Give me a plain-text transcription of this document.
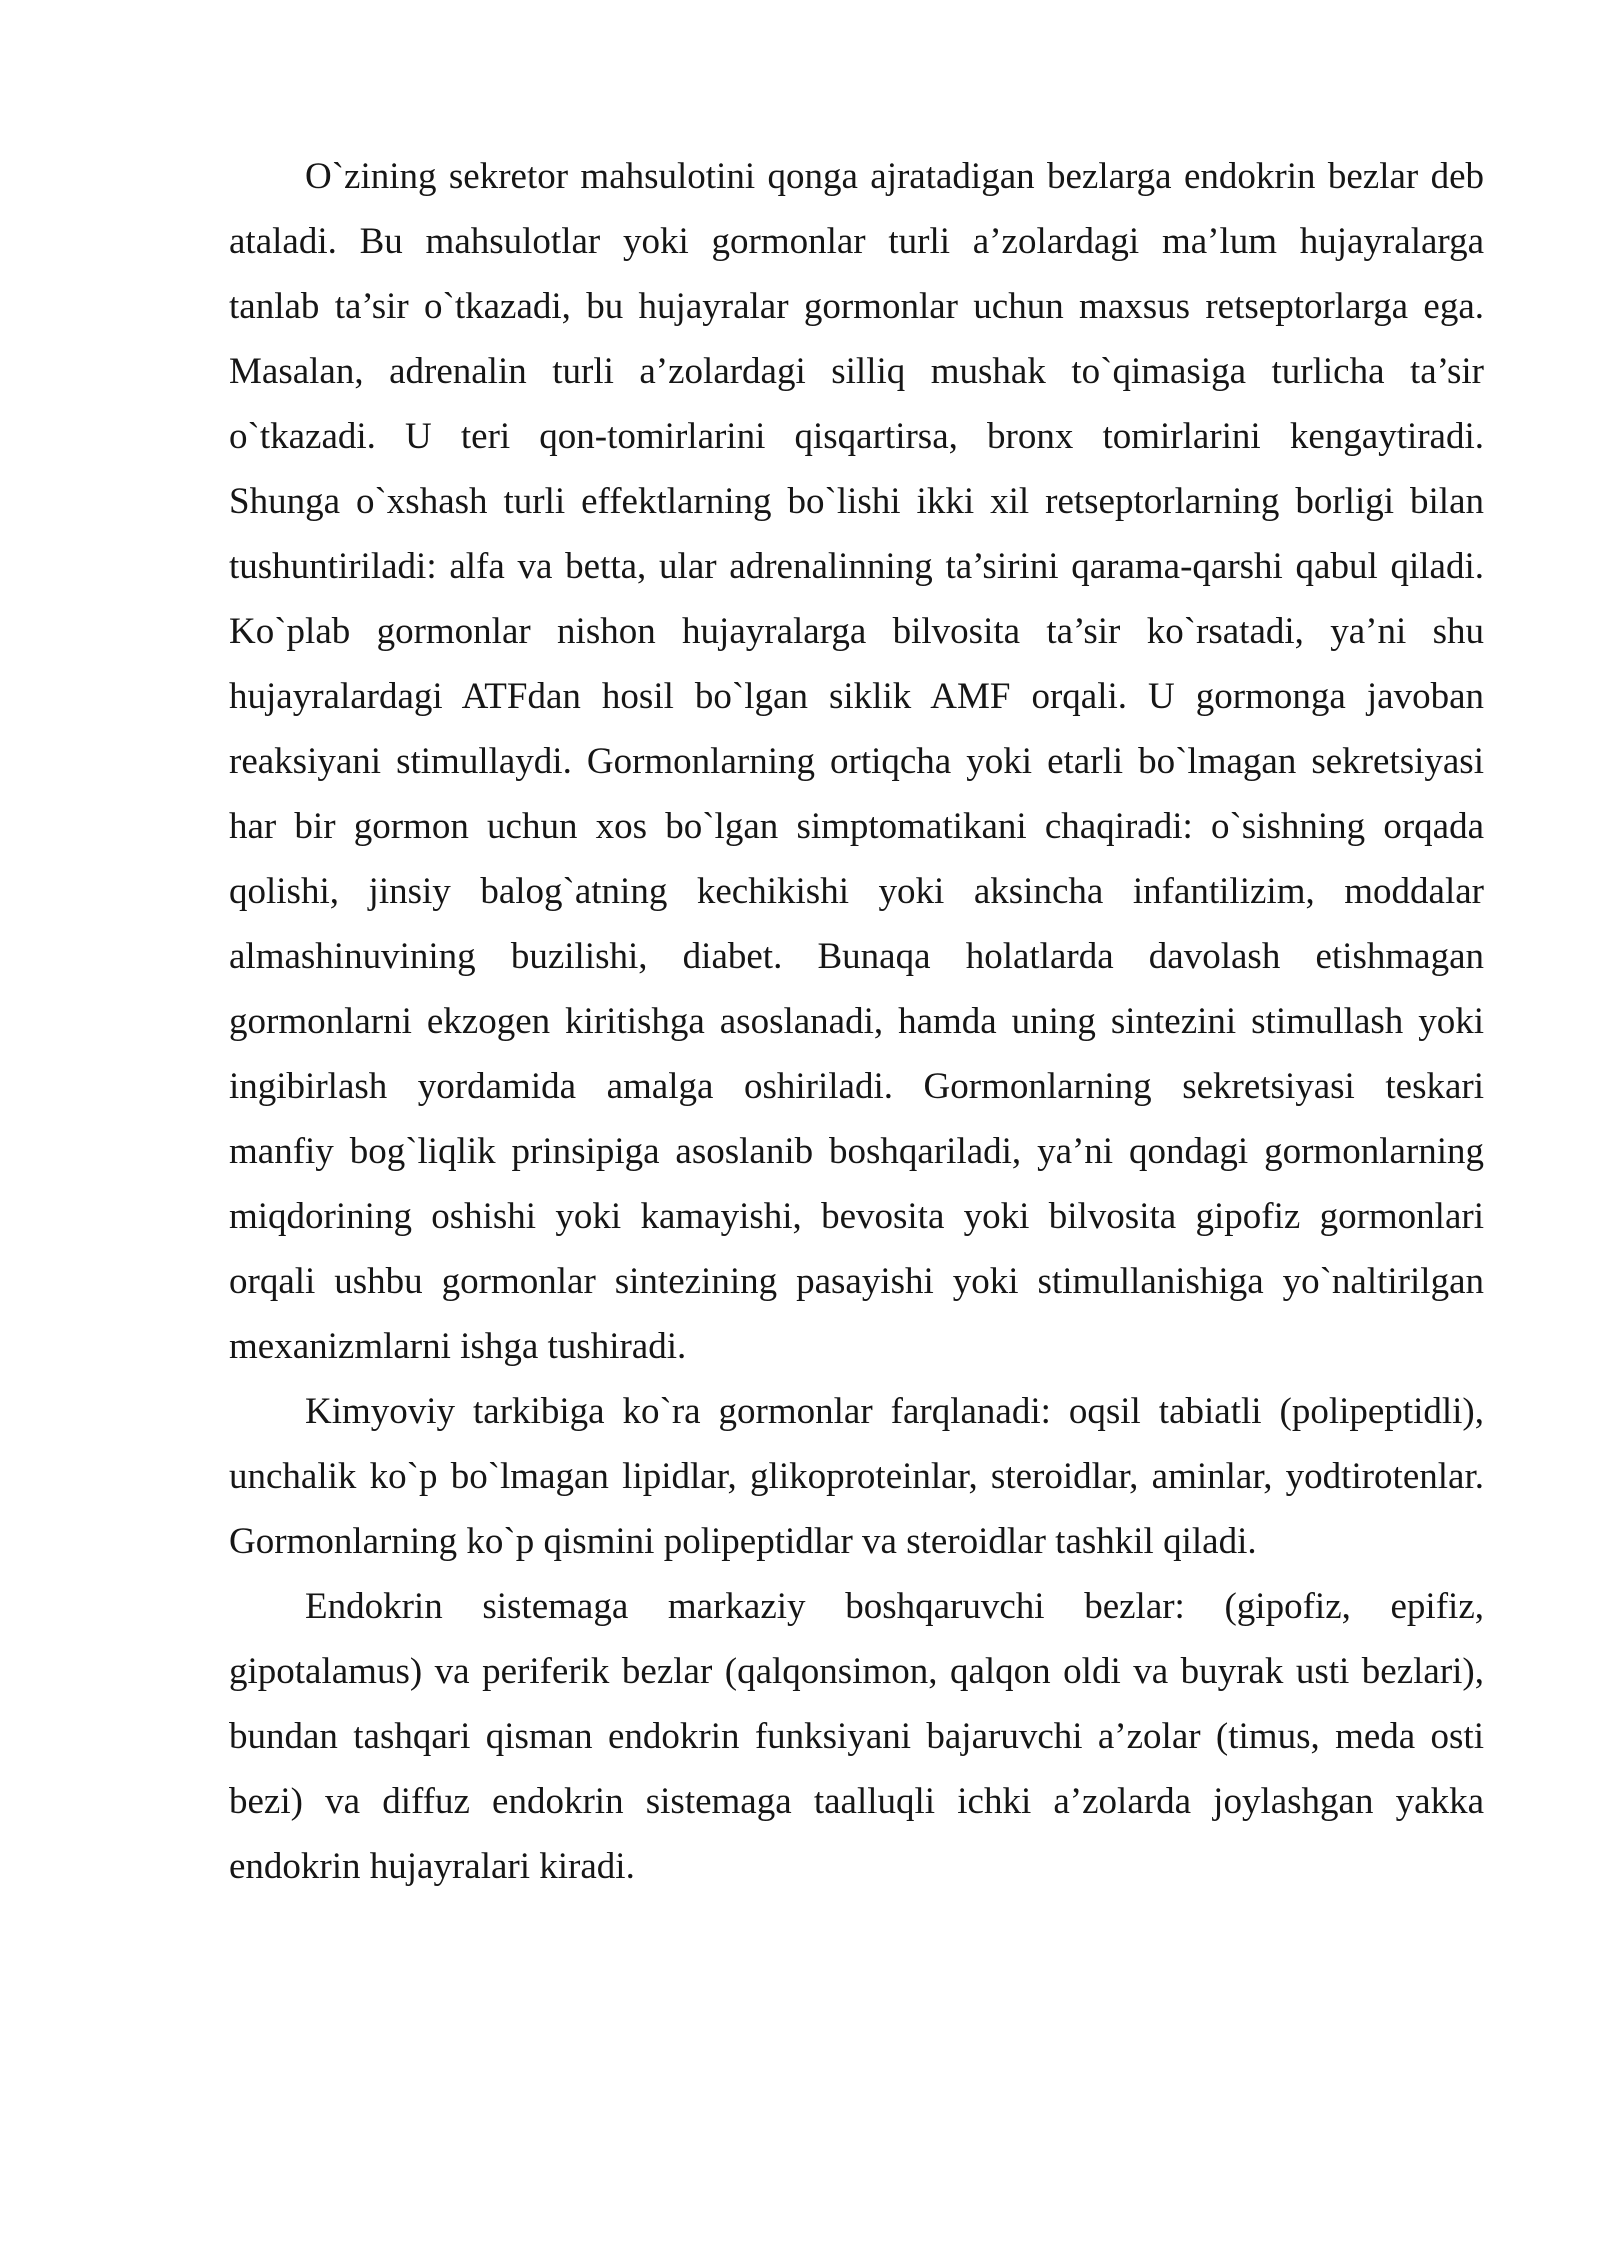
O`zining sekretor mahsulotini qonga ajratadigan bezlarga endokrin bezlar deb
ataladi. Bu mahsulotlar yoki gormonlar turli a’zolardagi ma’lum hujayralarga
tanlab ta’sir o`tkazadi, bu hujayralar gormonlar uchun maxsus retseptorlarga ega.
Masalan, adrenalin turli a’zolardagi silliq mushak to`qimasiga turlicha ta’sir
o`tkazadi. U teri qon-tomirlarini qisqartirsa, bronx tomirlarini kengaytiradi.
Shunga o`xshash turli effektlarning bo`lishi ikki xil retseptorlarning borligi bilan
tushuntiriladi: alfa va betta, ular adrenalinning ta’sirini qarama-qarshi qabul qiladi.
Ko`plab gormonlar nishon hujayralarga bilvosita ta’sir ko`rsatadi, ya’ni shu
hujayralardagi ATFdan hosil bo`lgan siklik AMF orqali. U gormonga javoban
reaksiyani stimullaydi. Gormonlarning ortiqcha yoki etarli bo`lmagan sekretsiyasi
har bir gormon uchun xos bo`lgan simptomatikani chaqiradi: o`sishning orqada
qolishi, jinsiy balog`atning kechikishi yoki aksincha infantilizim, moddalar
almashinuvining buzilishi, diabet. Bunaqa holatlarda davolash etishmagan
gormonlarni ekzogen kiritishga asoslanadi, hamda uning sintezini stimullash yoki
ingibirlash yordamida amalga oshiriladi. Gormonlarning sekretsiyasi teskari
manfiy bog`liqlik prinsipiga asoslanib boshqariladi, ya’ni qondagi gormonlarning
miqdorining oshishi yoki kamayishi, bevosita yoki bilvosita gipofiz gormonlari
orqali ushbu gormonlar sintezining pasayishi yoki stimullanishiga yo`naltirilgan
mexanizmlarni ishga tushiradi.
Kimyoviy tarkibiga ko`ra gormonlar farqlanadi: oqsil tabiatli (polipeptidli),
unchalik ko`p bo`lmagan lipidlar, glikoproteinlar, steroidlar, aminlar, yodtirotenlar.
Gormonlarning ko`p qismini polipeptidlar va steroidlar tashkil qiladi.
Endokrin sistemaga markaziy boshqaruvchi bezlar: (gipofiz, epifiz,
gipotalamus) va periferik bezlar (qalqonsimon, qalqon oldi va buyrak usti bezlari),
bundan tashqari qisman endokrin funksiyani bajaruvchi a’zolar (timus, meda osti
bezi) va diffuz endokrin sistemaga taalluqli ichki a’zolarda joylashgan yakka
endokrin hujayralari kiradi.
